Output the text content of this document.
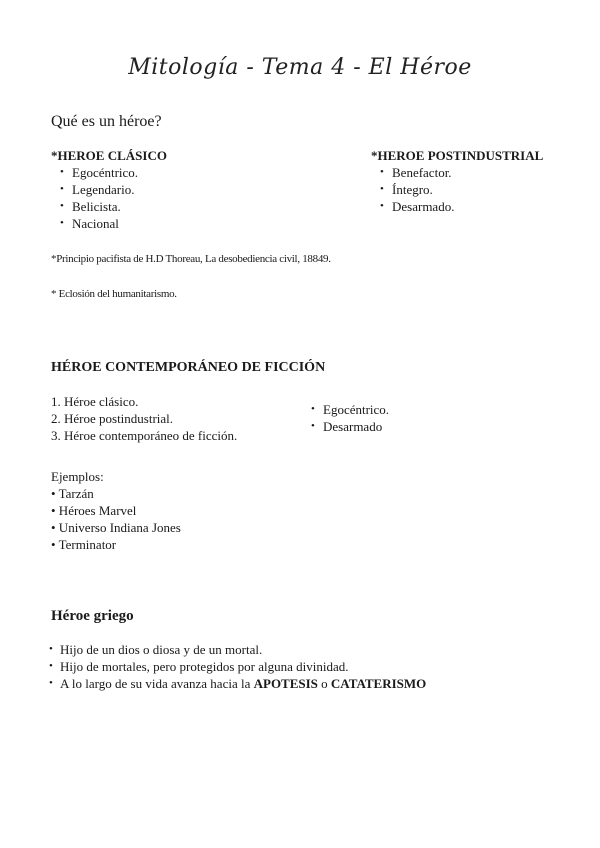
Mitología - Tema 4 - El Héroe
Qué es un héroe?
*HEROE CLÁSICO
• Egocéntrico.
• Legendario.
• Belicista.
• Nacional
*HEROE POSTINDUSTRIAL
• Benefactor.
• Íntegro.
• Desarmado.
*Principio pacifista de H.D Thoreau, La desobediencia civil, 18849.
* Eclosión del humanitarismo.
HÉROE CONTEMPORÁNEO DE FICCIÓN
1. Héroe clásico.
2. Héroe postindustrial.
3. Héroe contemporáneo de ficción.
• Egocéntrico.
• Desarmado
Ejemplos:
• Tarzán
• Héroes Marvel
• Universo Indiana Jones
• Terminator
Héroe griego
• Hijo de un dios o diosa y de un mortal.
• Hijo de mortales, pero protegidos por alguna divinidad.
• A lo largo de su vida avanza hacia la APOTESIS o CATATERISMO
